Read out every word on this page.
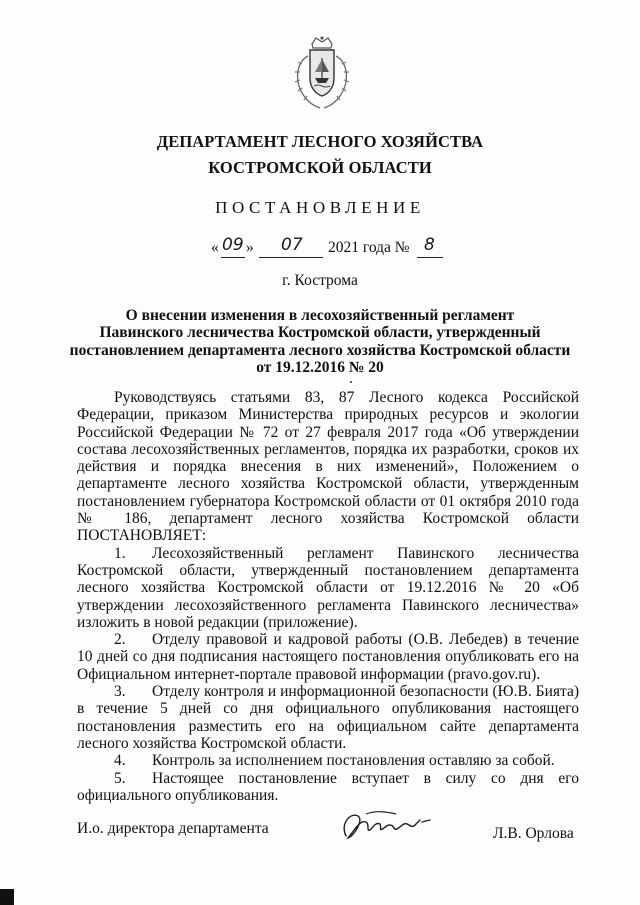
ДЕПАРТАМЕНТ ЛЕСНОГО ХОЗЯЙСТВА
КОСТРОМСКОЙ ОБЛАСТИ
ПОСТАНОВЛЕНИЕ
« 09 » 07 2021 года № 8
г. Кострома
О внесении изменения в лесохозяйственный регламент
Павинского лесничества Костромской области, утвержденный
постановлением департамента лесного хозяйства Костромской области
от 19.12.2016 № 20

Руководствуясь статьями 83, 87 Лесного кодекса Российской Федерации, приказом Министерства природных ресурсов и экологии Российской Федерации № 72 от 27 февраля 2017 года «Об утверждении состава лесохозяйственных регламентов, порядка их разработки, сроков их действия и порядка внесения в них изменений», Положением о департаменте лесного хозяйства Костромской области, утвержденным постановлением губернатора Костромской области от 01 октября 2010 года № 186, департамент лесного хозяйства Костромской области ПОСТАНОВЛЯЕТ:

1. Лесохозяйственный регламент Павинского лесничества Костромской области, утвержденный постановлением департамента лесного хозяйства Костромской области от 19.12.2016 № 20 «Об утверждении лесохозяйственного регламента Павинского лесничества» изложить в новой редакции (приложение).

2. Отделу правовой и кадровой работы (О.В. Лебедев) в течение 10 дней со дня подписания настоящего постановления опубликовать его на Официальном интернет-портале правовой информации (pravo.gov.ru).

3. Отделу контроля и информационной безопасности (Ю.В. Бията) в течение 5 дней со дня официального опубликования настоящего постановления разместить его на официальном сайте департамента лесного хозяйства Костромской области.

4. Контроль за исполнением постановления оставляю за собой.

5. Настоящее постановление вступает в силу со дня его официального опубликования.

И.о. директора департамента	Л.В. Орлова
